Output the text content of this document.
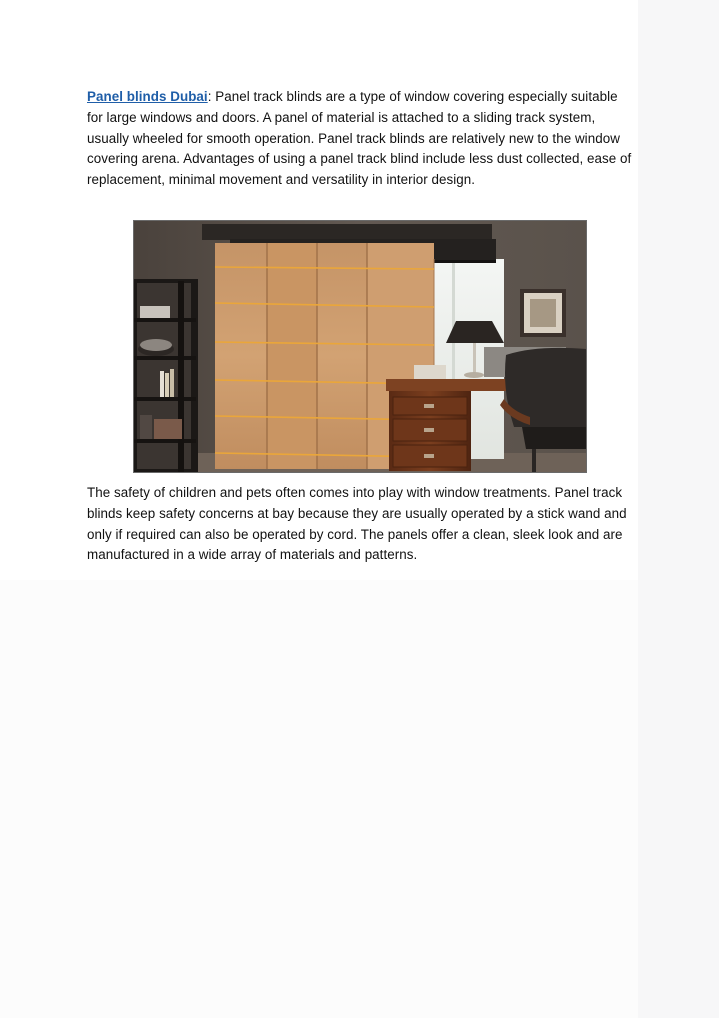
Panel blinds Dubai: Panel track blinds are a type of window covering especially suitable for large windows and doors. A panel of material is attached to a sliding track system, usually wheeled for smooth operation. Panel track blinds are relatively new to the window covering arena. Advantages of using a panel track blind include less dust collected, ease of replacement, minimal movement and versatility in interior design.

The safety of children and pets often comes into play with window treatments. Panel track blinds keep safety concerns at bay because they are usually operated by a stick wand and only if required can also be operated by cord. The panels offer a clean, sleek look and are manufactured in a wide array of materials and patterns.
